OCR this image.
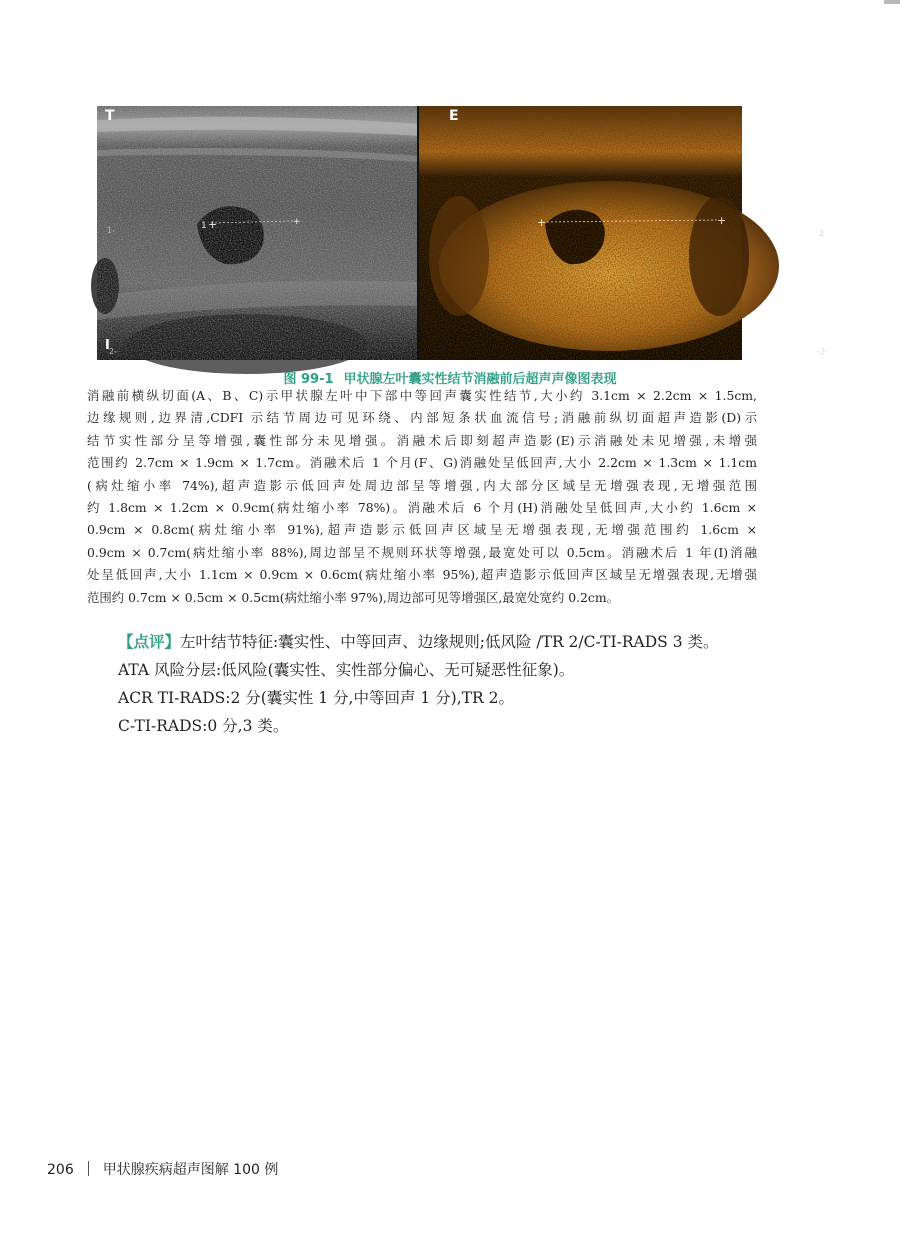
1 +	+
1-
2-
+	+
2
-2-
T	E
I
图 99-1 甲状腺左叶囊实性结节消融前后超声声像图表现
消融前横纵切面(A、B、C)示甲状腺左叶中下部中等回声囊实性结节,大小约 3.1cm × 2.2cm × 1.5cm,
边缘规则,边界清,CDFI 示结节周边可见环绕、内部短条状血流信号;消融前纵切面超声造影(D)示
结节实性部分呈等增强,囊性部分未见增强。消融术后即刻超声造影(E)示消融处未见增强,未增强
范围约 2.7cm × 1.9cm × 1.7cm。消融术后 1 个月(F、G)消融处呈低回声,大小 2.2cm × 1.3cm × 1.1cm
(病灶缩小率 74%),超声造影示低回声处周边部呈等增强,内大部分区域呈无增强表现,无增强范围
约 1.8cm × 1.2cm × 0.9cm(病灶缩小率 78%)。消融术后 6 个月(H)消融处呈低回声,大小约 1.6cm ×
0.9cm × 0.8cm(病灶缩小率 91%),超声造影示低回声区域呈无增强表现,无增强范围约 1.6cm ×
0.9cm × 0.7cm(病灶缩小率 88%),周边部呈不规则环状等增强,最宽处可以 0.5cm。消融术后 1 年(I)消融
处呈低回声,大小 1.1cm × 0.9cm × 0.6cm(病灶缩小率 95%),超声造影示低回声区域呈无增强表现,无增强
范围约 0.7cm × 0.5cm × 0.5cm(病灶缩小率 97%),周边部可见等增强区,最宽处宽约 0.2cm。
【点评】左叶结节特征:囊实性、中等回声、边缘规则;低风险 /TR 2/C-TI-RADS 3 类。
ATA 风险分层:低风险(囊实性、实性部分偏心、无可疑恶性征象)。
ACR TI-RADS:2 分(囊实性 1 分,中等回声 1 分),TR 2。
C-TI-RADS:0 分,3 类。
206 甲状腺疾病超声图解 100 例
